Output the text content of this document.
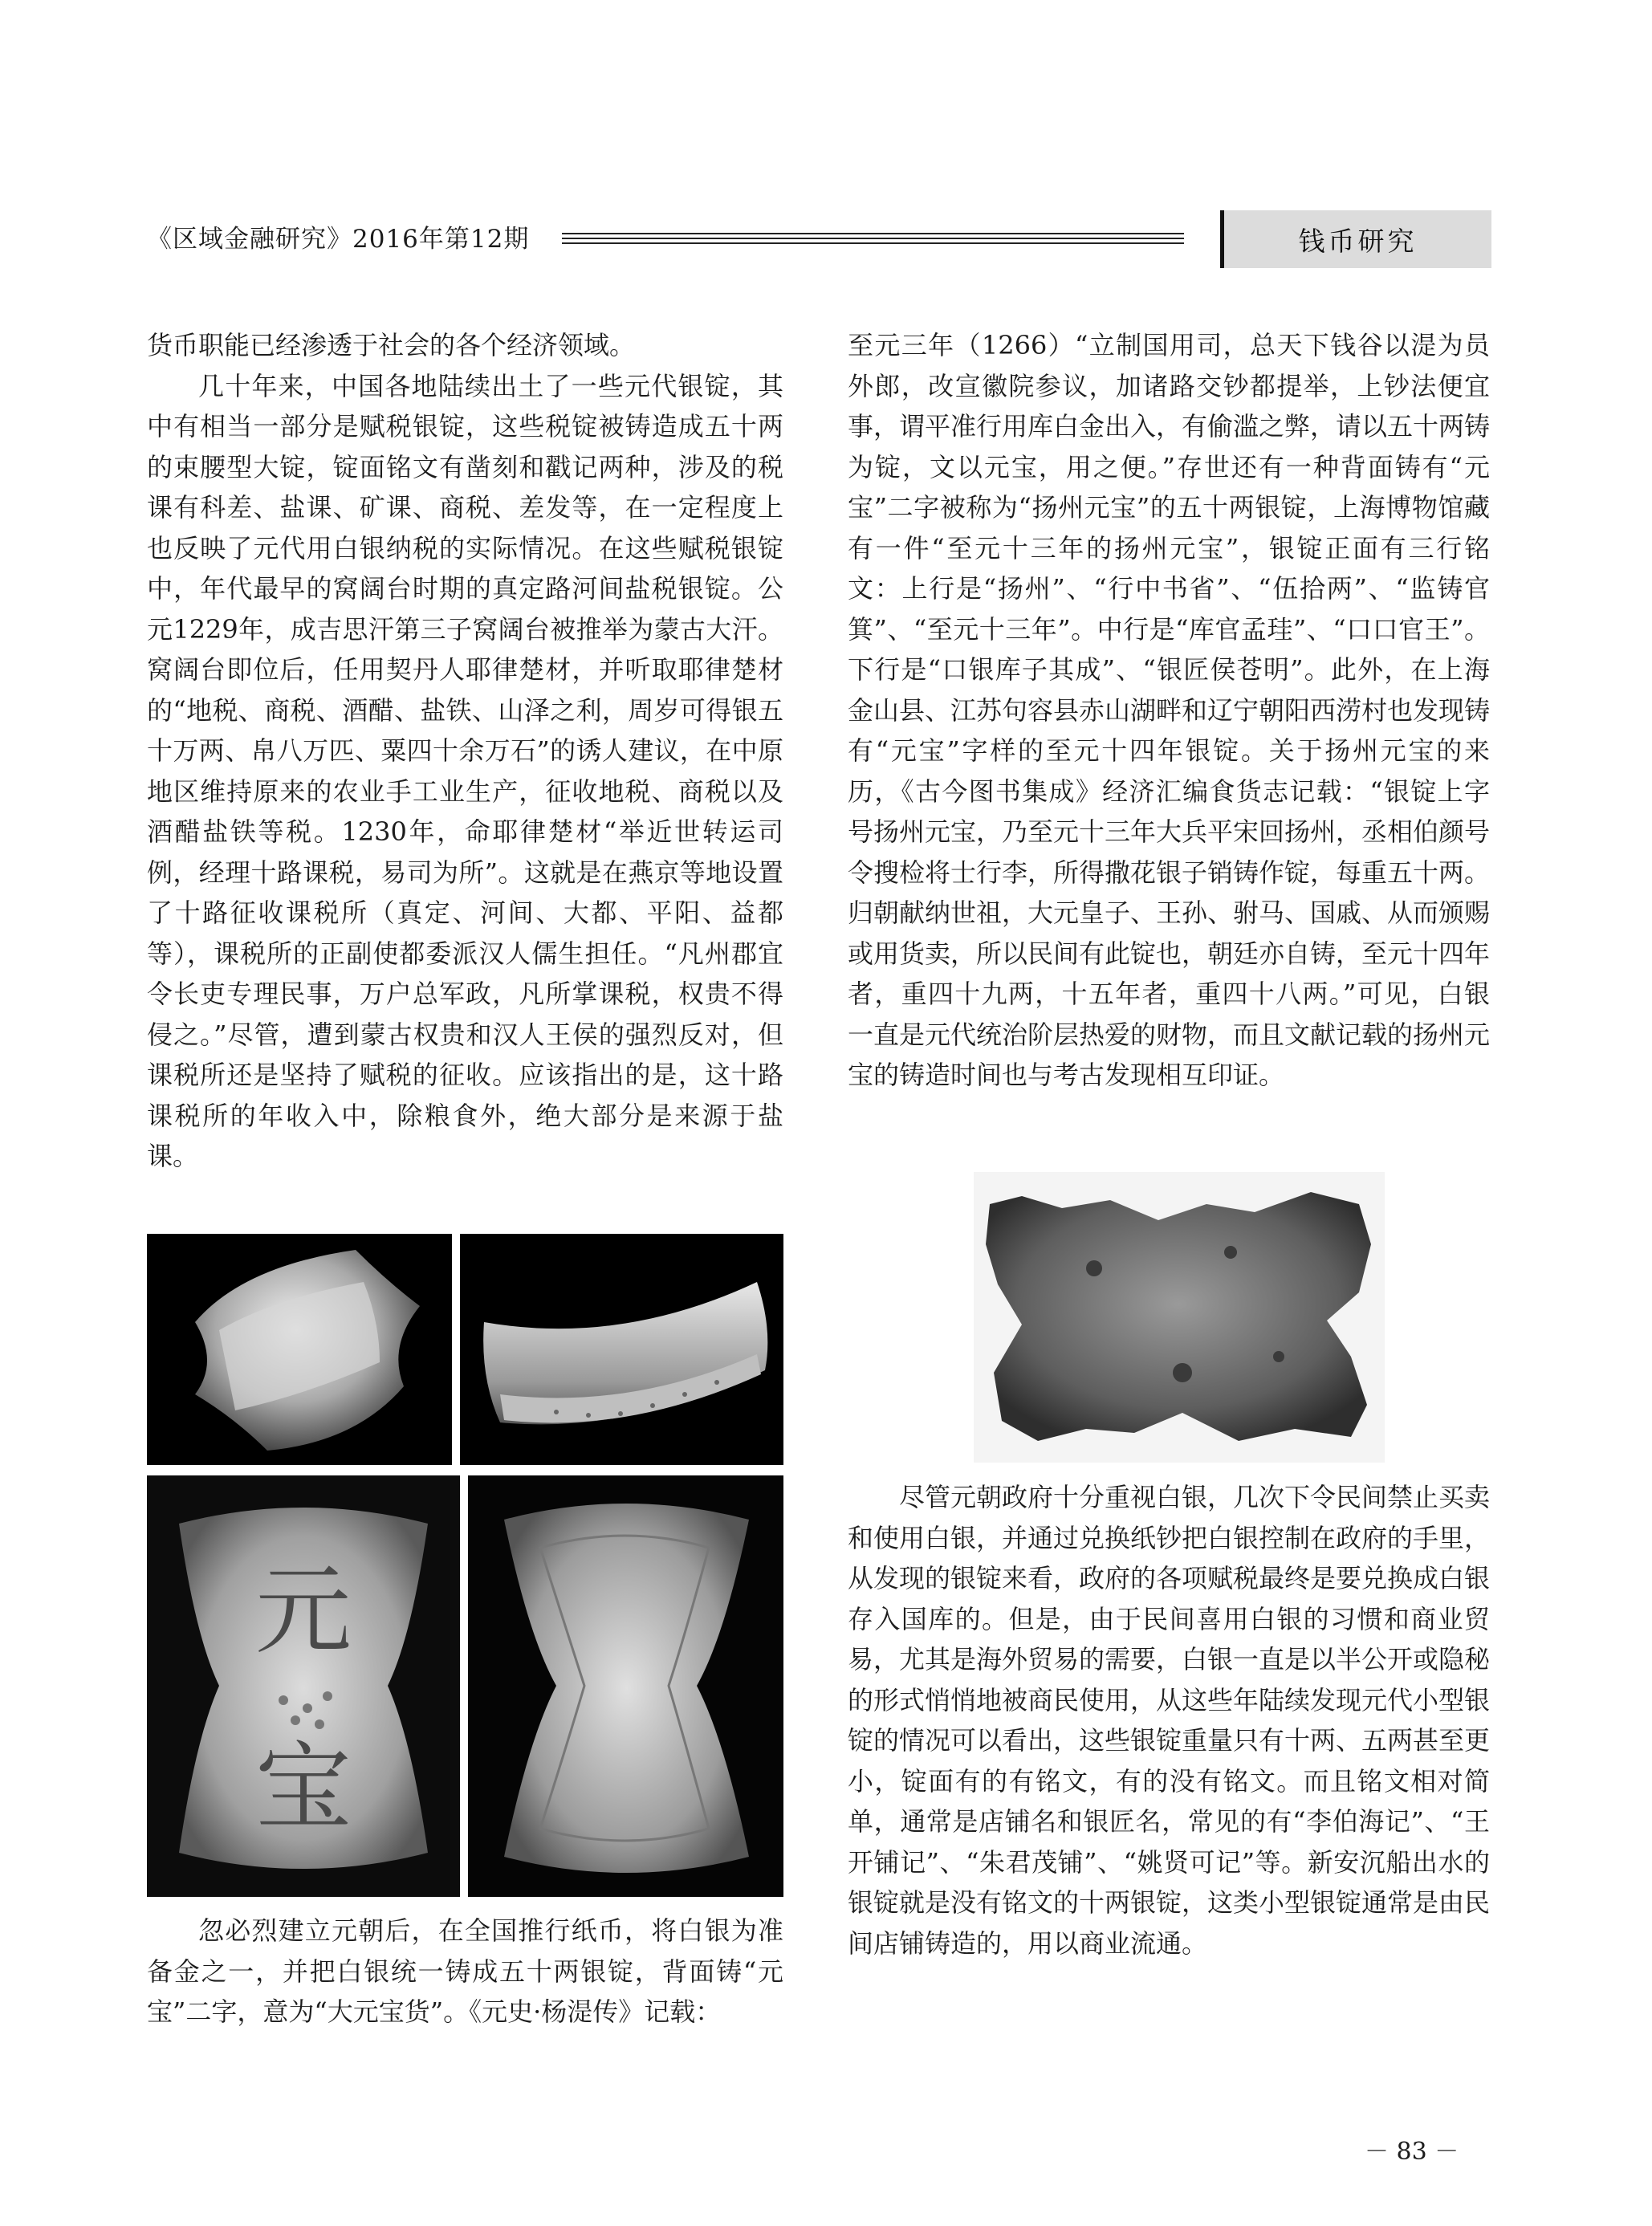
《区域金融研究》2016年第12期	钱币研究

货币职能已经渗透于社会的各个经济领域。

几十年来，中国各地陆续出土了一些元代银锭，其中有相当一部分是赋税银锭，这些税锭被铸造成五十两的束腰型大锭，锭面铭文有凿刻和戳记两种，涉及的税课有科差、盐课、矿课、商税、差发等，在一定程度上也反映了元代用白银纳税的实际情况。在这些赋税银锭中，年代最早的窝阔台时期的真定路河间盐税银锭。公元1229年，成吉思汗第三子窝阔台被推举为蒙古大汗。窝阔台即位后，任用契丹人耶律楚材，并听取耶律楚材的“地税、商税、酒醋、盐铁、山泽之利，周岁可得银五十万两、帛八万匹、粟四十余万石”的诱人建议，在中原地区维持原来的农业手工业生产，征收地税、商税以及酒醋盐铁等税。1230年，命耶律楚材“举近世转运司例，经理十路课税，易司为所”。这就是在燕京等地设置了十路征收课税所（真定、河间、大都、平阳、益都等），课税所的正副使都委派汉人儒生担任。“凡州郡宜令长吏专理民事，万户总军政，凡所掌课税，权贵不得侵之。”尽管，遭到蒙古权贵和汉人王侯的强烈反对，但课税所还是坚持了赋税的征收。应该指出的是，这十路课税所的年收入中，除粮食外，绝大部分是来源于盐课。

元
宝

忽必烈建立元朝后，在全国推行纸币，将白银为准备金之一，并把白银统一铸成五十两银锭，背面铸“元宝”二字，意为“大元宝货”。《元史·杨湜传》记载：

至元三年（1266）“立制国用司，总天下钱谷以湜为员外郎，改宣徽院参议，加诸路交钞都提举，上钞法便宜事，谓平准行用库白金出入，有偷滥之弊，请以五十两铸为锭，文以元宝，用之便。”存世还有一种背面铸有“元宝”二字被称为“扬州元宝”的五十两银锭，上海博物馆藏有一件“至元十三年的扬州元宝”，银锭正面有三行铭文：上行是“扬州”、“行中书省”、“伍拾两”、“监铸官箕”、“至元十三年”。中行是“库官孟珪”、“口口官王”。下行是“口银库子其成”、“银匠侯苍明”。此外，在上海金山县、江苏句容县赤山湖畔和辽宁朝阳西涝村也发现铸有“元宝”字样的至元十四年银锭。关于扬州元宝的来历，《古今图书集成》经济汇编食货志记载：“银锭上字号扬州元宝，乃至元十三年大兵平宋回扬州，丞相伯颜号令搜检将士行李，所得撒花银子销铸作锭，每重五十两。归朝献纳世祖，大元皇子、王孙、驸马、国戚、从而颁赐或用货卖，所以民间有此锭也，朝廷亦自铸，至元十四年者，重四十九两，十五年者，重四十八两。”可见，白银一直是元代统治阶层热爱的财物，而且文献记载的扬州元宝的铸造时间也与考古发现相互印证。

尽管元朝政府十分重视白银，几次下令民间禁止买卖和使用白银，并通过兑换纸钞把白银控制在政府的手里，从发现的银锭来看，政府的各项赋税最终是要兑换成白银存入国库的。但是，由于民间喜用白银的习惯和商业贸易，尤其是海外贸易的需要，白银一直是以半公开或隐秘的形式悄悄地被商民使用，从这些年陆续发现元代小型银锭的情况可以看出，这些银锭重量只有十两、五两甚至更小，锭面有的有铭文，有的没有铭文。而且铭文相对简单，通常是店铺名和银匠名，常见的有“李伯海记”、“王开铺记”、“朱君茂铺”、“姚贤可记”等。新安沉船出水的银锭就是没有铭文的十两银锭，这类小型银锭通常是由民间店铺铸造的，用以商业流通。

－ 83 －
